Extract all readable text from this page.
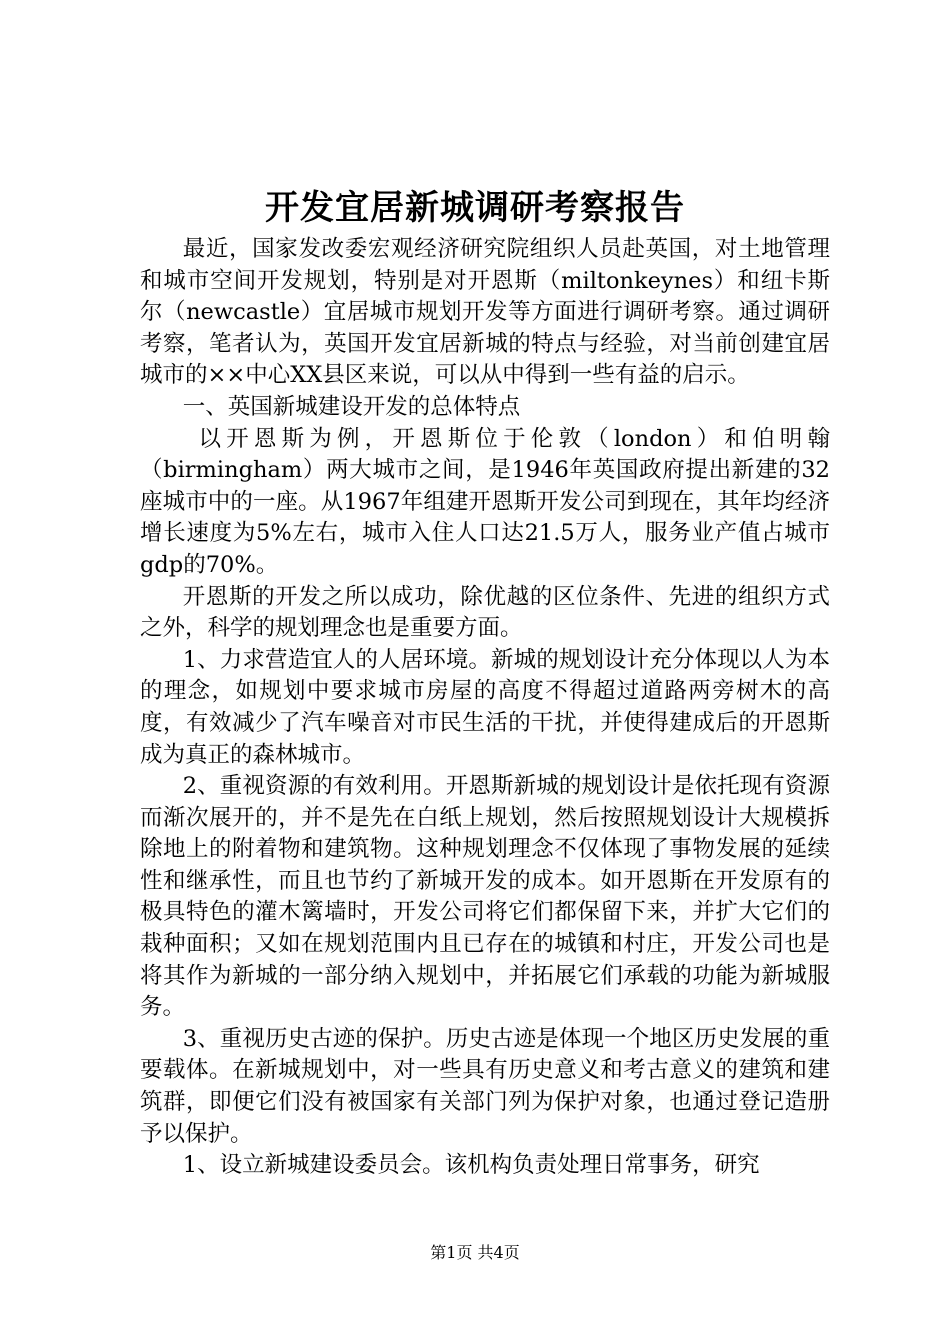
开发宜居新城调研考察报告

最近，国家发改委宏观经济研究院组织人员赴英国，对土地管理和城市空间开发规划，特别是对开恩斯（miltonkeynes）和纽卡斯尔（newcastle）宜居城市规划开发等方面进行调研考察。通过调研考察，笔者认为，英国开发宜居新城的特点与经验，对当前创建宜居城市的××中心XX县区来说，可以从中得到一些有益的启示。

一、英国新城建设开发的总体特点

以开恩斯为例，开恩斯位于伦敦（london）和伯明翰（birmingham）两大城市之间，是1946年英国政府提出新建的32座城市中的一座。从1967年组建开恩斯开发公司到现在，其年均经济增长速度为5%左右，城市入住人口达21.5万人，服务业产值占城市gdp的70%。

开恩斯的开发之所以成功，除优越的区位条件、先进的组织方式之外，科学的规划理念也是重要方面。

1、力求营造宜人的人居环境。新城的规划设计充分体现以人为本的理念，如规划中要求城市房屋的高度不得超过道路两旁树木的高度，有效减少了汽车噪音对市民生活的干扰，并使得建成后的开恩斯成为真正的森林城市。

2、重视资源的有效利用。开恩斯新城的规划设计是依托现有资源而渐次展开的，并不是先在白纸上规划，然后按照规划设计大规模拆除地上的附着物和建筑物。这种规划理念不仅体现了事物发展的延续性和继承性，而且也节约了新城开发的成本。如开恩斯在开发原有的极具特色的灌木篱墙时，开发公司将它们都保留下来，并扩大它们的栽种面积；又如在规划范围内且已存在的城镇和村庄，开发公司也是将其作为新城的一部分纳入规划中，并拓展它们承载的功能为新城服务。

3、重视历史古迹的保护。历史古迹是体现一个地区历史发展的重要载体。在新城规划中，对一些具有历史意义和考古意义的建筑和建筑群，即便它们没有被国家有关部门列为保护对象，也通过登记造册予以保护。

1、设立新城建设委员会。该机构负责处理日常事务，研究

第1页 共4页
